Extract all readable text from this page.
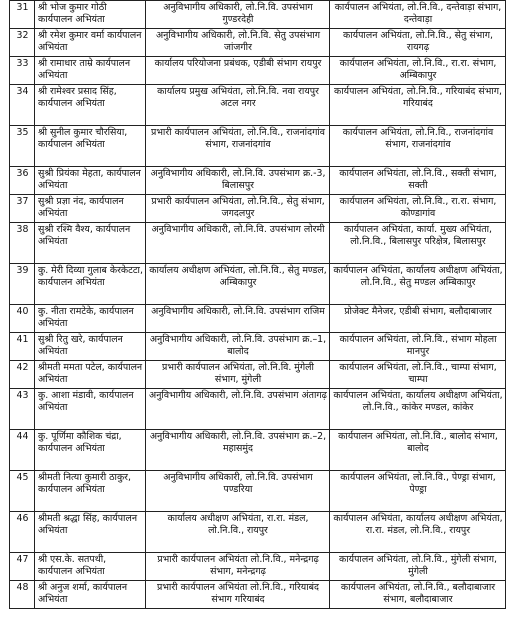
31	श्री भोज कुमार गोठी कार्यपालन अभियंता	अनुविभागीय अधिकारी, लो.नि.वि. उपसंभाग गुण्डरदेही	कार्यपालन अभियंता, लो.नि.वि., दन्तेवाड़ा संभाग, दन्तेवाड़ा
32	श्री रमेश कुमार वर्मा कार्यपालन अभियंता	अनुविभागीय अधिकारी, लो.नि.वि. सेतु उपसंभाग जांजगीर	कार्यपालन अभियंता, लो.नि.वि., सेतु संभाग, रायगढ़
33	श्री रामाधार ताम्रे कार्यपालन अभियंता	कार्यालय परियोजना प्रबंधक, एडीबी संभाग रायपुर	कार्यपालन अभियंता, लो.नि.वि., रा.रा. संभाग, अम्बिकापुर
34	श्री रामेश्वर प्रसाद सिंह, कार्यपालन अभियंता	कार्यालय प्रमुख अभियंता, लो.नि.वि. नवा रायपुर अटल नगर	कार्यपालन अभियंता, लो.नि.वि., गरियाबंद संभाग, गरियाबंद
35	श्री सुनील कुमार चौरसिया, कार्यपालन अभियंता	प्रभारी कार्यपालन अभियंता, लो.नि.वि., राजनांदगांव संभाग, राजनांदगांव	कार्यपालन अभियंता, लो.नि.वि., राजनांदगांव संभाग, राजनांदगांव
36	सुश्री प्रियंका मेहता, कार्यपालन अभियंता	अनुविभागीय अधिकारी, लो.नि.वि. उपसंभाग क्र.-3, बिलासपुर	कार्यपालन अभियंता, लो.नि.वि., सक्ती संभाग, सक्ती
37	सुश्री प्रज्ञा नंद, कार्यपालन अभियंता	प्रभारी कार्यपालन अभियंता, लो.नि.वि., सेतु संभाग, जगदलपुर	कार्यपालन अभियंता, लो.नि.वि., रा.रा. संभाग, कोण्डागांव
38	सुश्री रश्मि वैश्य, कार्यपालन अभियंता	अनुविभागीय अधिकारी, लो.नि.वि. उपसंभाग लोरमी	कार्यपालन अभियंता, कार्या. मुख्य अभियंता, लो.नि.वि., बिलासपुर परिक्षेत्र, बिलासपुर
39	कु. मेरी दिव्या गुलाब केरकेटटा, कार्यपालन अभियंता	कार्यालय अधीक्षण अभियंता, लो.नि.वि., सेतु मण्डल, अम्बिकापुर	कार्यपालन अभियंता, कार्यालय अधीक्षण अभियंता, लो.नि.वि., सेतु मण्डल अम्बिकापुर
40	कु. नीता रामटेके, कार्यपालन अभियंता	अनुविभागीय अधिकारी, लो.नि.वि. उपसंभाग राजिम	प्रोजेक्ट मैनेजर, एडीबी संभाग, बलौदाबाजार
41	सुश्री रितु खरे, कार्यपालन अभियंता	अनुविभागीय अधिकारी, लो.नि.वि. उपसंभाग क्र.–1, बालोद	कार्यपालन अभियंता, लो.नि.वि., संभाग मोहला मानपुर
42	श्रीमती ममता पटेल, कार्यपालन अभियंता	प्रभारी कार्यपालन अभियंता, लो.नि.वि. मुंगेली संभाग, मुंगेली	कार्यपालन अभियंता, लो.नि.वि., चाम्पा संभाग, चाम्पा
43	कु. आशा मंडावी, कार्यपालन अभियंता	अनुविभागीय अधिकारी, लो.नि.वि. उपसंभाग अंतागढ़	कार्यपालन अभियंता, कार्यालय अधीक्षण अभियंता, लो.नि.वि., कांकेर मण्डल, कांकेर
44	कु. पूर्णिमा कौशिक चंद्रा, कार्यपालन अभियंता	अनुविभागीय अधिकारी, लो.नि.वि. उपसंभाग क्र.–2, महासमुंद	कार्यपालन अभियंता, लो.नि.वि., बालोद संभाग, बालोद
45	श्रीमती नित्या कुमारी ठाकुर, कार्यपालन अभियंता	अनुविभागीय अधिकारी, लो.नि.वि. उपसंभाग पण्डरिया	कार्यपालन अभियंता, लो.नि.वि., पेण्ड्रा संभाग, पेण्ड्रा
46	श्रीमती श्रद्धा सिंह, कार्यपालन अभियंता	कार्यालय अधीक्षण अभियंता, रा.रा. मंडल, लो.नि.वि., रायपुर	कार्यपालन अभियंता, कार्यालय अधीक्षण अभियंता, रा.रा. मंडल, लो.नि.वि., रायपुर
47	श्री एस.के. सतपथी, कार्यपालन अभियंता	प्रभारी कार्यपालन अभियंता लो.नि.वि., मनेन्द्रगढ़ संभाग, मनेन्द्रगढ़	कार्यपालन अभियंता, लो.नि.वि., मुंगेली संभाग, मुंगेली
48	श्री अनुज शर्मा, कार्यपालन अभियंता	प्रभारी कार्यपालन अभियंता लो.नि.वि., गरियाबंद संभाग गरियाबंद	कार्यपालन अभियंता, लो.नि.वि., बलौदाबाजार संभाग, बलौदाबाजार
